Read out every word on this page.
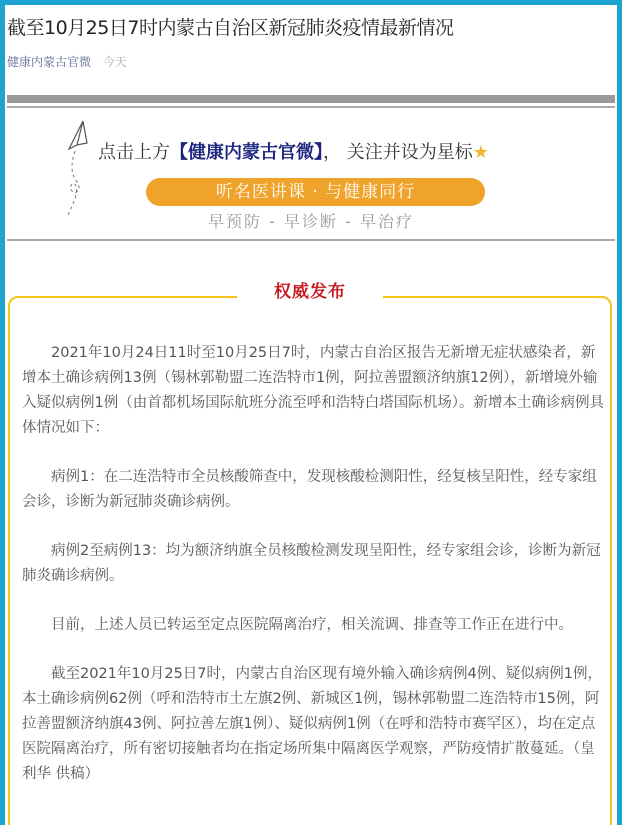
截至10月25日7时内蒙古自治区新冠肺炎疫情最新情况
健康内蒙古官微 今天
点击上方【健康内蒙古官微】， 关注并设为星标★
听名医讲课 · 与健康同行
早预防 - 早诊断 - 早治疗
权威发布

2021年10月24日11时至10月25日7时，内蒙古自治区报告无新增无症状感染者，新增本土确诊病例13例（锡林郭勒盟二连浩特市1例，阿拉善盟额济纳旗12例），新增境外输入疑似病例1例（由首都机场国际航班分流至呼和浩特白塔国际机场）。新增本土确诊病例具体情况如下：

病例1：在二连浩特市全员核酸筛查中，发现核酸检测阳性，经复核呈阳性，经专家组会诊，诊断为新冠肺炎确诊病例。

病例2至病例13：均为额济纳旗全员核酸检测发现呈阳性，经专家组会诊，诊断为新冠肺炎确诊病例。

目前，上述人员已转运至定点医院隔离治疗，相关流调、排查等工作正在进行中。

截至2021年10月25日7时，内蒙古自治区现有境外输入确诊病例4例、疑似病例1例，本土确诊病例62例（呼和浩特市土左旗2例、新城区1例，锡林郭勒盟二连浩特市15例，阿拉善盟额济纳旗43例、阿拉善左旗1例）、疑似病例1例（在呼和浩特市赛罕区），均在定点医院隔离治疗，所有密切接触者均在指定场所集中隔离医学观察，严防疫情扩散蔓延。（皇利华 供稿）
